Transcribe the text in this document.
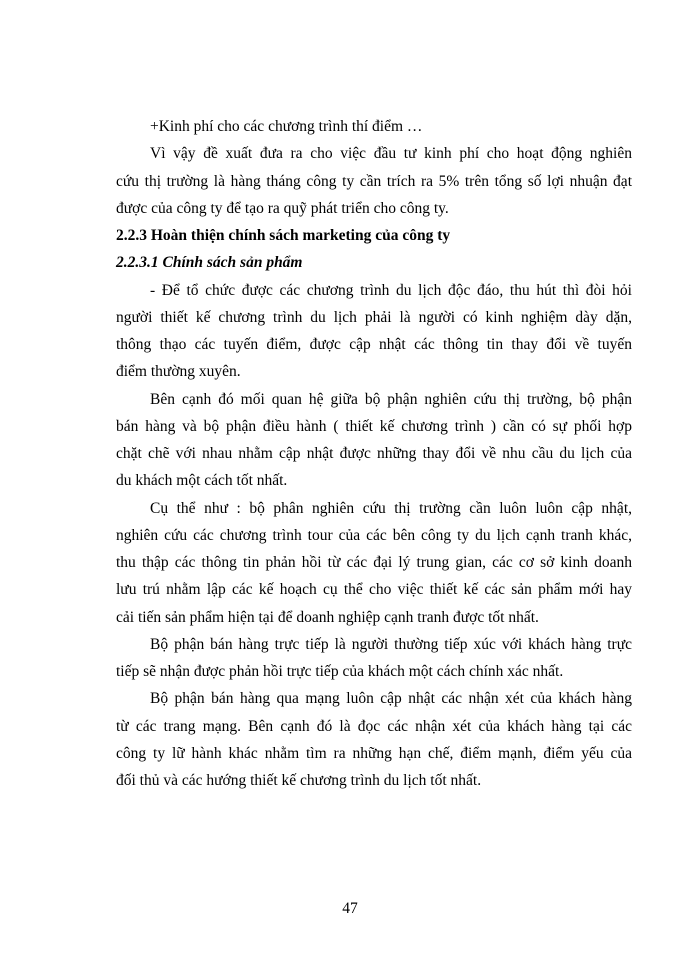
+Kinh phí cho các chương trình thí điểm …
Vì vậy đề xuất đưa ra cho việc đầu tư kinh phí cho hoạt động nghiên
cứu thị trường là hàng tháng công ty cần trích ra 5% trên tổng số lợi nhuận đạt
được của công ty để tạo ra quỹ phát triển cho công ty.
2.2.3 Hoàn thiện chính sách marketing của công ty
2.2.3.1 Chính sách sản phẩm
- Để tổ chức được các chương trình du lịch độc đáo, thu hút thì đòi hỏi
người thiết kế chương trình du lịch phải là người có kinh nghiệm dày dặn,
thông thạo các tuyến điểm, được cập nhật các thông tin thay đổi về tuyến
điểm thường xuyên.
Bên cạnh đó mối quan hệ giữa bộ phận nghiên cứu thị trường, bộ phận
bán hàng và bộ phận điều hành ( thiết kế chương trình ) cần có sự phối hợp
chặt chẽ với nhau nhằm cập nhật được những thay đổi về nhu cầu du lịch của
du khách một cách tốt nhất.
Cụ thể như : bộ phân nghiên cứu thị trường cần luôn luôn cập nhật,
nghiên cứu các chương trình tour của các bên công ty du lịch cạnh tranh khác,
thu thập các thông tin phản hồi từ các đại lý trung gian, các cơ sở kinh doanh
lưu trú nhằm lập các kế hoạch cụ thể cho việc thiết kế các sản phẩm mới hay
cải tiến sản phẩm hiện tại để doanh nghiệp cạnh tranh được tốt nhất.
Bộ phận bán hàng trực tiếp là người thường tiếp xúc với khách hàng trực
tiếp sẽ nhận được phản hồi trực tiếp của khách một cách chính xác nhất.
Bộ phận bán hàng qua mạng luôn cập nhật các nhận xét của khách hàng
từ các trang mạng. Bên cạnh đó là đọc các nhận xét của khách hàng tại các
công ty lữ hành khác nhằm tìm ra những hạn chế, điểm mạnh, điểm yếu của
đối thủ và các hướng thiết kế chương trình du lịch tốt nhất.
47
